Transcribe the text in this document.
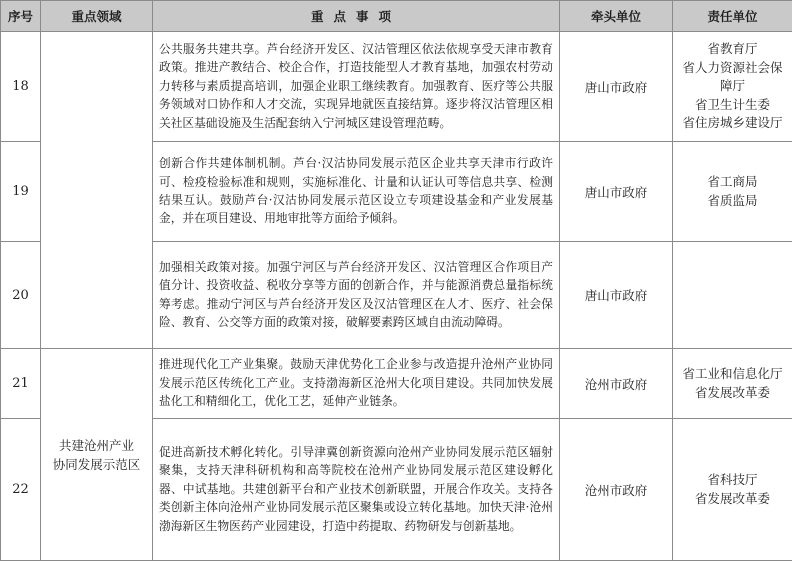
序号	重点领域	重点事项	牵头单位	责任单位
18		公共服务共建共享。芦台经济开发区、汉沽管理区依法依规享受天津市教育政策。推进产教结合、校企合作，打造技能型人才教育基地，加强农村劳动力转移与素质提高培训，加强企业职工继续教育。加强教育、医疗等公共服务领域对口协作和人才交流，实现异地就医直接结算。逐步将汉沽管理区相关社区基础设施及生活配套纳入宁河城区建设管理范畴。	唐山市政府	省教育厅
省人力资源社会保障厅
省卫生计生委
省住房城乡建设厅

19		创新合作共建体制机制。芦台·汉沽协同发展示范区企业共享天津市行政许可、检疫检验标准和规则，实施标准化、计量和认证认可等信息共享、检测结果互认。鼓励芦台·汉沽协同发展示范区设立专项建设基金和产业发展基金，并在项目建设、用地审批等方面给予倾斜。	唐山市政府	省工商局
省质监局

20		加强相关政策对接。加强宁河区与芦台经济开发区、汉沽管理区合作项目产值分计、投资收益、税收分享等方面的创新合作，并与能源消费总量指标统筹考虑。推动宁河区与芦台经济开发区及汉沽管理区在人才、医疗、社会保险、教育、公交等方面的政策对接，破解要素跨区域自由流动障碍。	唐山市政府	
21	共建沧州产业
协同发展示范区	推进现代化工产业集聚。鼓励天津优势化工企业参与改造提升沧州产业协同发展示范区传统化工产业。支持渤海新区沧州大化项目建设。共同加快发展盐化工和精细化工，优化工艺，延伸产业链条。	沧州市政府	省工业和信息化厅
省发展改革委

22		促进高新技术孵化转化。引导津冀创新资源向沧州产业协同发展示范区辐射聚集，支持天津科研机构和高等院校在沧州产业协同发展示范区建设孵化器、中试基地。共建创新平台和产业技术创新联盟，开展合作攻关。支持各类创新主体向沧州产业协同发展示范区聚集或设立转化基地。加快天津·沧州渤海新区生物医药产业园建设，打造中药提取、药物研发与创新基地。	沧州市政府	省科技厅
省发展改革委
